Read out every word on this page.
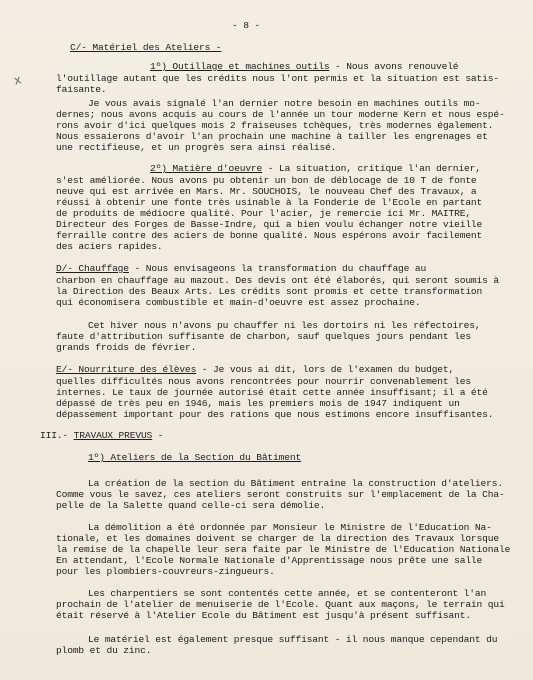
- 8 -
x
C/- Matériel des Ateliers -
1º) Outillage et machines outils - Nous avons renouvelé
l'outillage autant que les crédits nous l'ont permis et la situation est satis-
faisante.
Je vous avais signalé l'an dernier notre besoin en machines outils mo-
dernes; nous avons acquis au cours de l'année un tour moderne Kern et nous espé-
rons avoir d'ici quelques mois 2 fraiseuses tchèques, très modernes également.
Nous essaierons d'avoir l'an prochain une machine à tailler les engrenages et
une rectifieuse, et un progrès sera ainsi réalisé.
2º) Matière d'oeuvre - La situation, critique l'an dernier,
s'est améliorée. Nous avons pu obtenir un bon de déblocage de 10 T de fonte
neuve qui est arrivée en Mars. Mr. SOUCHOIS, le nouveau Chef des Travaux, a
réussi à obtenir une fonte très usinable à la Fonderie de l'Ecole en partant
de produits de médiocre qualité. Pour l'acier, je remercie ici Mr. MAITRE,
Directeur des Forges de Basse-Indre, qui a bien voulu échanger notre vieille
ferraille contre des aciers de bonne qualité. Nous espérons avoir facilement
des aciers rapides.
D/- Chauffage - Nous envisageons la transformation du chauffage au
charbon en chauffage au mazout. Des devis ont été élaborés, qui seront soumis à
la Direction des Beaux Arts. Les crédits sont promis et cette transformation
qui économisera combustible et main-d'oeuvre est assez prochaine.
Cet hiver nous n'avons pu chauffer ni les dortoirs ni les réfectoires,
faute d'attribution suffisante de charbon, sauf quelques jours pendant les
grands froids de février.
E/- Nourriture des élèves - Je vous ai dit, lors de l'examen du budget,
quelles difficultés nous avons rencontrées pour nourrir convenablement les
internes. Le taux de journée autorisé était cette année insuffisant; il a été
dépassé de très peu en 1946, mais les premiers mois de 1947 indiquent un
dépassement important pour des rations que nous estimons encore insuffisantes.
III.- TRAVAUX PREVUS -
1º) Ateliers de la Section du Bâtiment
La création de la section du Bâtiment entraîne la construction d'ateliers.
Comme vous le savez, ces ateliers seront construits sur l'emplacement de la Cha-
pelle de la Salette quand celle-ci sera démolie.
La démolition a été ordonnée par Monsieur le Ministre de l'Education Na-
tionale, et les domaines doivent se charger de la direction des Travaux lorsque
la remise de la chapelle leur sera faite par le Ministre de l'Education Nationale
En attendant, l'Ecole Normale Nationale d'Apprentissage nous prête une salle
pour les plombiers-couvreurs-zingueurs.
Les charpentiers se sont contentés cette année, et se contenteront l'an
prochain de l'atelier de menuiserie de l'Ecole. Quant aux maçons, le terrain qui
était réservé à l'Atelier Ecole du Bâtiment est jusqu'à présent suffisant.
Le matériel est également presque suffisant - il nous manque cependant du
plomb et du zinc.
